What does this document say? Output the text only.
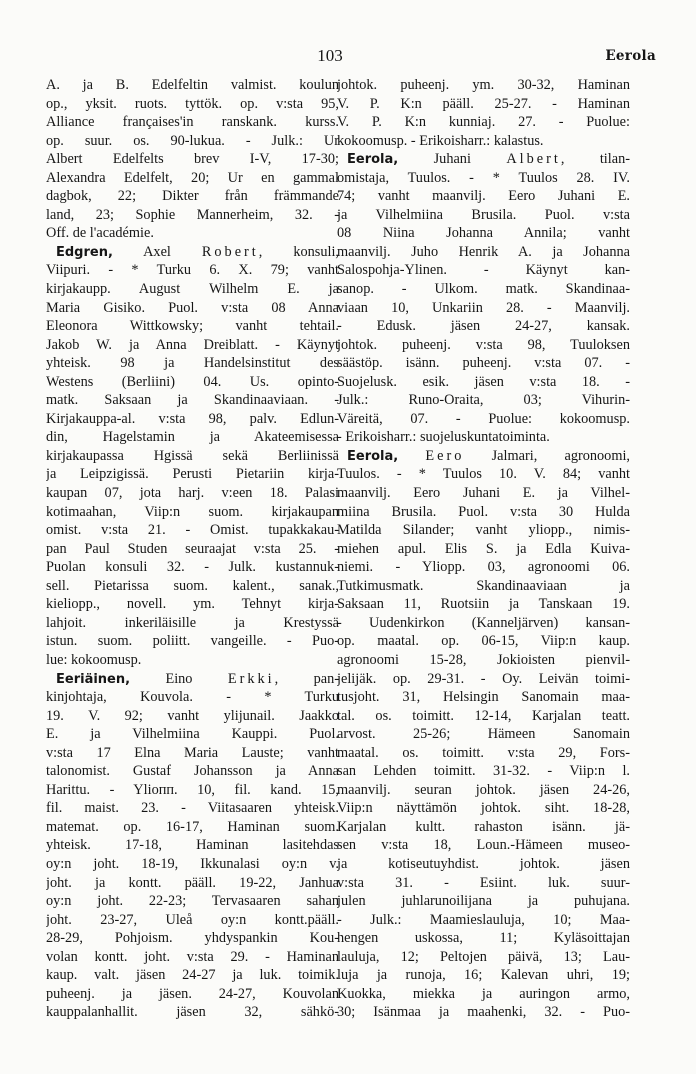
103	Eerola
A. ja B. Edelfeltin valmist. koulun
op., yksit. ruots. tyttök. op. v:sta 95,
Alliance françaises'in ranskank. kurss.
op. suur. os. 90-lukua. - Julk.: Ur
Albert Edelfelts brev I-V, 17-30;
Alexandra Edelfelt, 20; Ur en gammal
dagbok, 22; Dikter från främmande
land, 23; Sophie Mannerheim, 32. -
Off. de l'académie.
Edgren, Axel Robert, konsuli,
Viipuri. - * Turku 6. X. 79; vanht
kirjakaupp. August Wilhelm E. ja
Maria Gisiko. Puol. v:sta 08 Anna
Eleonora Wittkowsky; vanht tehtail.
Jakob W. ja Anna Dreiblatt. - Käynyt
yhteisk. 98 ja Handelsinstitut des
Westens (Berliini) 04. Us. opinto-
matk. Saksaan ja Skandinaaviaan. -
Kirjakauppa-al. v:sta 98, palv. Edlun-
din, Hagelstamin ja Akateemisessa
kirjakaupassa Hgissä sekä Berliinissä
ja Leipzigissä. Perusti Pietariin kirja-
kaupan 07, jota harj. v:een 18. Palasi
kotimaahan, Viip:n suom. kirjakaupan
omist. v:sta 21. - Omist. tupakkakau-
pan Paul Studen seuraajat v:sta 25. -
Puolan konsuli 32. - Julk. kustannuk-
sell. Pietarissa suom. kalent., sanak.,
kieliopp., novell. ym. Tehnyt kirja-
lahjoit. inkeriläisille ja Krestyssä
istun. suom. poliitt. vangeille. - Puo-
lue: kokoomusp.
Eeriäinen, Eino Erkki, pan-
kinjohtaja, Kouvola. - * Turku
19. V. 92; vanht ylijunail. Jaakko
E. ja Vilhelmiina Kauppi. Puol.
v:sta 17 Elna Maria Lauste; vanht
talonomist. Gustaf Johansson ja Anna
Harittu. - Ylioпп. 10, fil. kand. 15,
fil. maist. 23. - Viitasaaren yhteisk.
matemat. op. 16-17, Haminan suom.
yhteisk. 17-18, Haminan lasitehdas
oy:n joht. 18-19, Ikkunalasi oy:n v.
joht. ja kontt. pääll. 19-22, Janhua
oy:n joht. 22-23; Tervasaaren sahan
joht. 23-27, Uleå oy:n kontt.pääll.
28-29, Pohjoism. yhdyspankin Kou-
volan kontt. joht. v:sta 29. - Haminan
kaup. valt. jäsen 24-27 ja luk. toimik.
puheenj. ja jäsen. 24-27, Kouvolan
kauppalanhallit. jäsen 32, sähkö-
johtok. puheenj. ym. 30-32, Haminan
V. P. K:n pääll. 25-27. - Haminan
V. P. K:n kunniaj. 27. - Puolue:
kokoomusp. - Erikoisharr.: kalastus.
Eerola, Juhani Albert, tilan-
omistaja, Tuulos. - * Tuulos 28. IV.
74; vanht maanvilj. Eero Juhani E.
ja Vilhelmiina Brusila. Puol. v:sta
08 Niina Johanna Annila; vanht
maanvilj. Juho Henrik A. ja Johanna
Salospohja-Ylinen. - Käynyt kan-
sanop. - Ulkom. matk. Skandinaa-
viaan 10, Unkariin 28. - Maanvilj.
- Edusk. jäsen 24-27, kansak.
johtok. puheenj. v:sta 98, Tuuloksen
säästöp. isänn. puheenj. v:sta 07. -
Suojelusk. esik. jäsen v:sta 18. -
Julk.: Runo-Oraita, 03; Vihurin-
Väreitä, 07. - Puolue: kokoomusp.
- Erikoisharr.: suojeluskuntatoiminta.
Eerola, Eero Jalmari, agronoomi,
Tuulos. - * Tuulos 10. V. 84; vanht
maanvilj. Eero Juhani E. ja Vilhel-
miina Brusila. Puol. v:sta 30 Hulda
Matilda Silander; vanht yliopp., nimis-
miehen apul. Elis S. ja Edla Kuiva-
niemi. - Yliopp. 03, agronoomi 06.
Tutkimusmatk. Skandinaaviaan ja
Saksaan 11, Ruotsiin ja Tanskaan 19.
- Uudenkirkon (Kanneljärven) kansan-
op. maatal. op. 06-15, Viip:n kaup.
agronoomi 15-28, Jokioisten pienvil-
jelijäk. op. 29-31. - Oy. Leivän toimi-
tusjoht. 31, Helsingin Sanomain maa-
tal. os. toimitt. 12-14, Karjalan teatt.
arvost. 25-26; Hämeen Sanomain
maatal. os. toimitt. v:sta 29, Fors-
san Lehden toimitt. 31-32. - Viip:n l.
maanvilj. seuran johtok. jäsen 24-26,
Viip:n näyttämön johtok. siht. 18-28,
Karjalan kultt. rahaston isänn. jä-
sen v:sta 18, Loun.-Hämeen museo-
ja kotiseutuyhdist. johtok. jäsen
v:sta 31. - Esiint. luk. suur-
julen juhlarunoilijana ja puhujana.
- Julk.: Maamieslauluja, 10; Maa-
hengen uskossa, 11; Kyläsoittajan
lauluja, 12; Peltojen päivä, 13; Lau-
luja ja runoja, 16; Kalevan uhri, 19;
Kuokka, miekka ja auringon armo,
30; Isänmaa ja maahenki, 32. - Puo-
